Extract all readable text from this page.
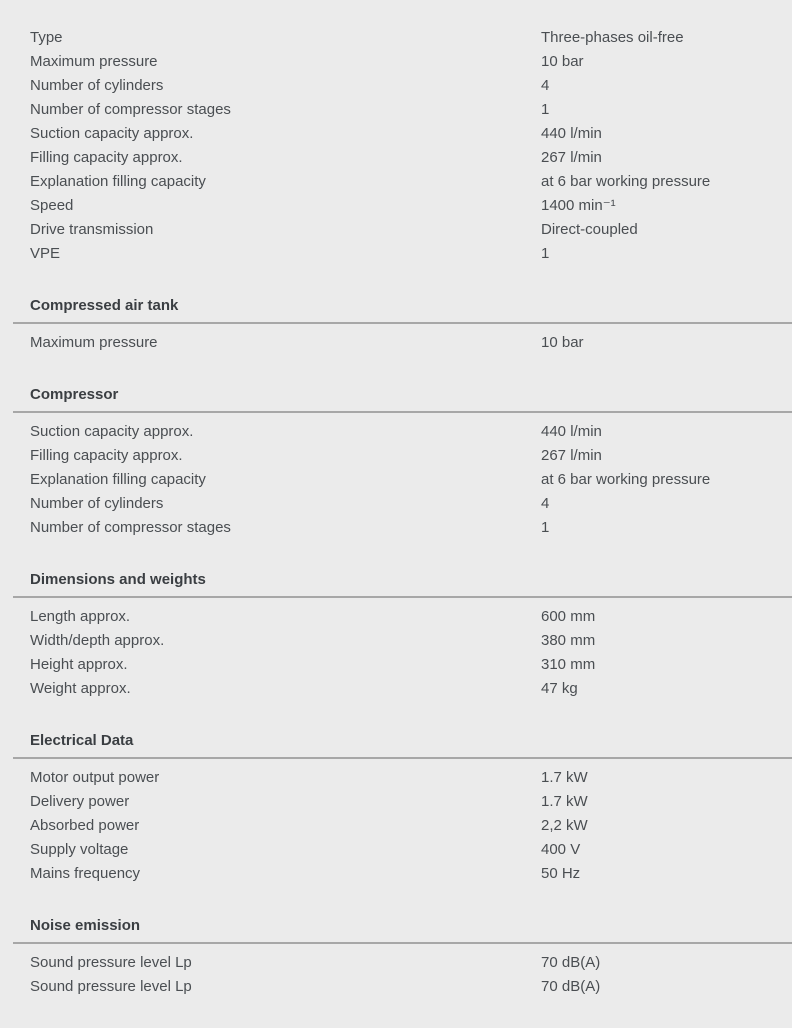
Type	Three-phases oil-free
Maximum pressure	10 bar
Number of cylinders	4
Number of compressor stages	1
Suction capacity approx.	440 l/min
Filling capacity approx.	267 l/min
Explanation filling capacity	at 6 bar working pressure
Speed	1400 min⁻¹
Drive transmission	Direct-coupled
VPE	1
Compressed air tank
Maximum pressure	10 bar
Compressor
Suction capacity approx.	440 l/min
Filling capacity approx.	267 l/min
Explanation filling capacity	at 6 bar working pressure
Number of cylinders	4
Number of compressor stages	1
Dimensions and weights
Length approx.	600 mm
Width/depth approx.	380 mm
Height approx.	310 mm
Weight approx.	47 kg
Electrical Data
Motor output power	1.7 kW
Delivery power	1.7 kW
Absorbed power	2,2 kW
Supply voltage	400 V
Mains frequency	50 Hz
Noise emission
Sound pressure level Lp	70 dB(A)
Sound pressure level Lp	70 dB(A)
